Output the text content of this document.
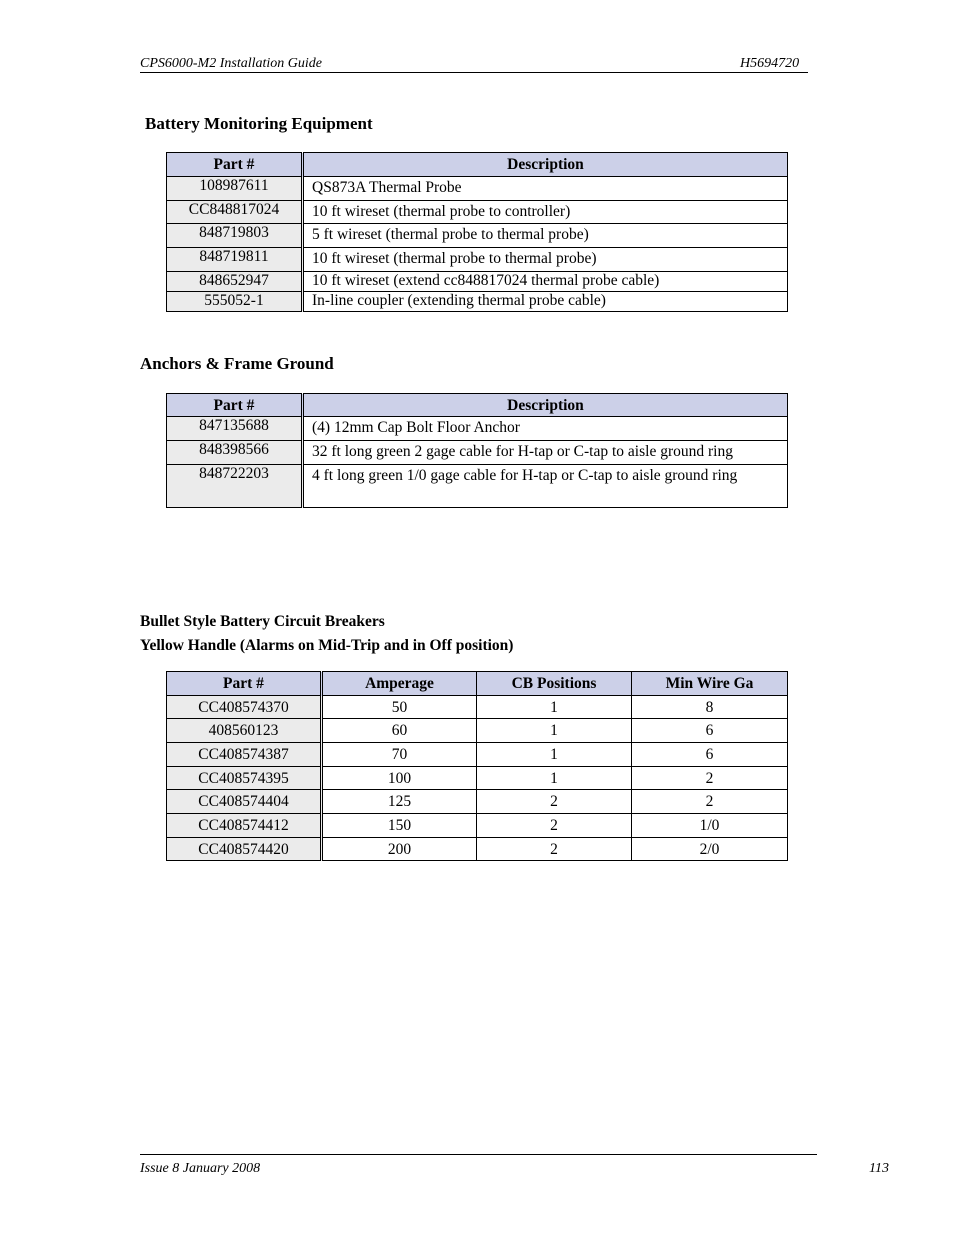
CPS6000-M2 Installation Guide	H5694720
Battery Monitoring Equipment
Part #	Description
108987611	QS873A Thermal Probe
CC848817024	10 ft wireset (thermal probe to controller)
848719803	5 ft wireset (thermal probe to thermal probe)
848719811	10 ft wireset (thermal probe to thermal probe)
848652947	10 ft wireset (extend cc848817024 thermal probe cable)
555052-1	In-line coupler (extending thermal probe cable)
Anchors & Frame Ground
Part #	Description
847135688	(4) 12mm Cap Bolt Floor Anchor
848398566	32 ft long green 2 gage cable for H-tap or C-tap to aisle ground ring
848722203	4 ft long green 1/0 gage cable for H-tap or C-tap to aisle ground ring
Bullet Style Battery Circuit Breakers
Yellow Handle (Alarms on Mid-Trip and in Off position)
Part #	Amperage	CB Positions	Min Wire Ga
CC408574370	50	1	8
408560123	60	1	6
CC408574387	70	1	6
CC408574395	100	1	2
CC408574404	125	2	2
CC408574412	150	2	1/0
CC408574420	200	2	2/0
Issue 8 January 2008	113
